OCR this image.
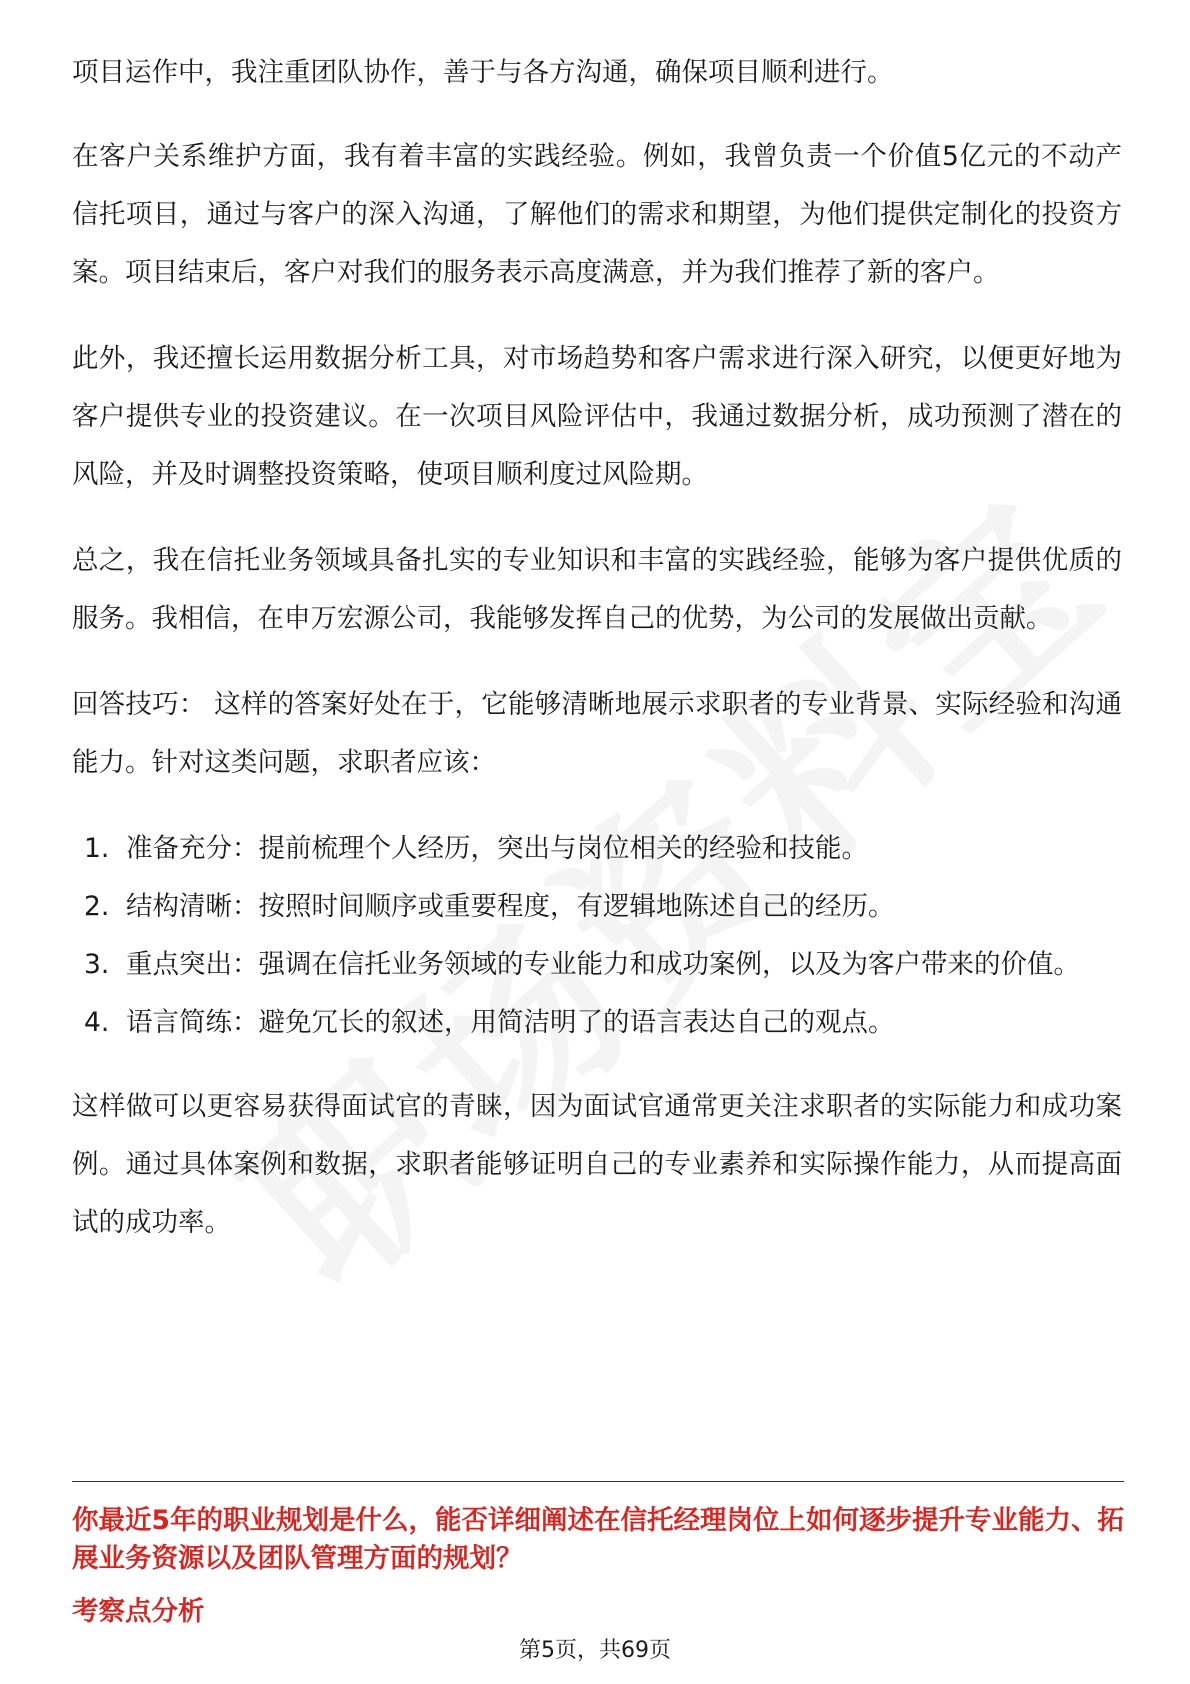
项目运作中，我注重团队协作，善于与各方沟通，确保项目顺利进行。

在客户关系维护方面，我有着丰富的实践经验。例如，我曾负责一个价值5亿元的不动产信托项目，通过与客户的深入沟通，了解他们的需求和期望，为他们提供定制化的投资方案。项目结束后，客户对我们的服务表示高度满意，并为我们推荐了新的客户。

此外，我还擅长运用数据分析工具，对市场趋势和客户需求进行深入研究，以便更好地为客户提供专业的投资建议。在一次项目风险评估中，我通过数据分析，成功预测了潜在的风险，并及时调整投资策略，使项目顺利度过风险期。

总之，我在信托业务领域具备扎实的专业知识和丰富的实践经验，能够为客户提供优质的服务。我相信，在申万宏源公司，我能够发挥自己的优势，为公司的发展做出贡献。

回答技巧： 这样的答案好处在于，它能够清晰地展示求职者的专业背景、实际经验和沟通能力。针对这类问题，求职者应该：

1. 准备充分：提前梳理个人经历，突出与岗位相关的经验和技能。
2. 结构清晰：按照时间顺序或重要程度，有逻辑地陈述自己的经历。
3. 重点突出：强调在信托业务领域的专业能力和成功案例，以及为客户带来的价值。
4. 语言简练：避免冗长的叙述，用简洁明了的语言表达自己的观点。

这样做可以更容易获得面试官的青睐，因为面试官通常更关注求职者的实际能力和成功案例。通过具体案例和数据，求职者能够证明自己的专业素养和实际操作能力，从而提高面试的成功率。

你最近5年的职业规划是什么，能否详细阐述在信托经理岗位上如何逐步提升专业能力、拓展业务资源以及团队管理方面的规划？
考察点分析
第5页，共69页
